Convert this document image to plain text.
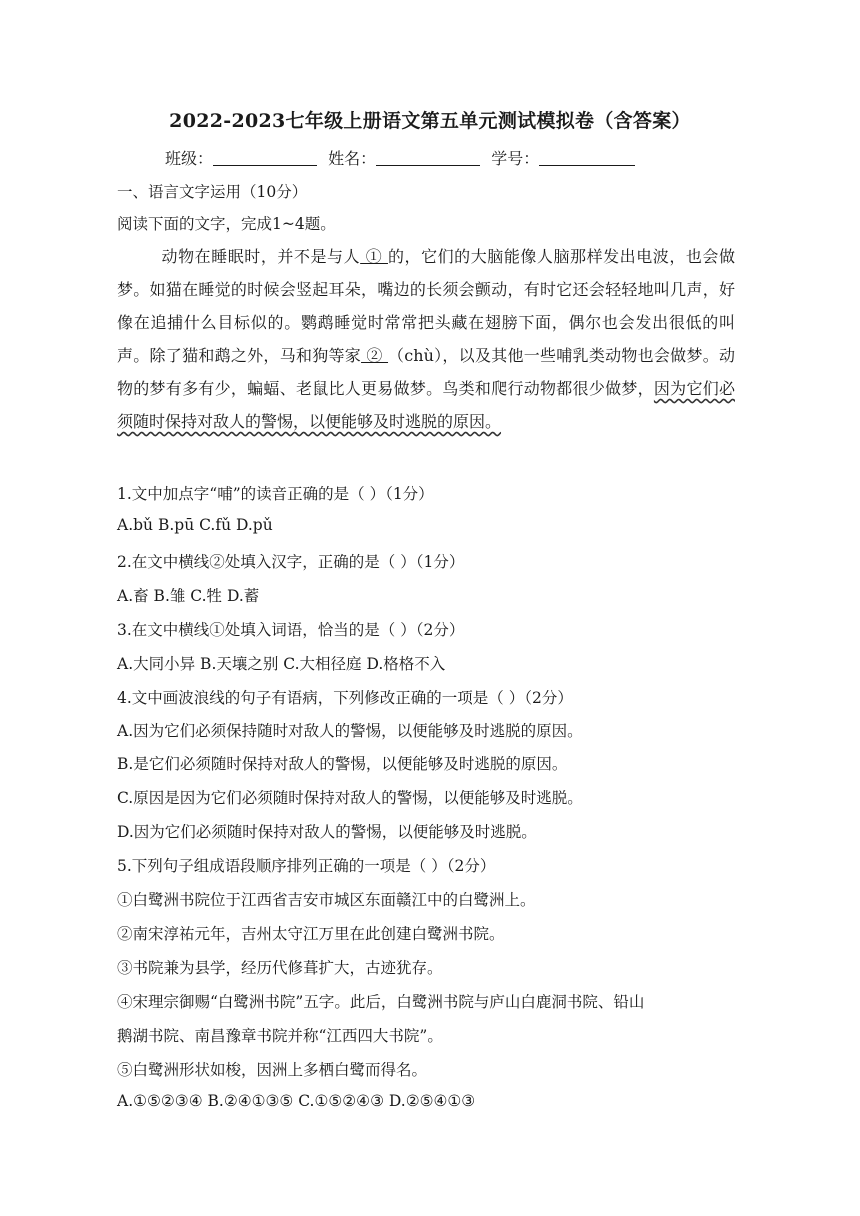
2022-2023七年级上册语文第五单元测试模拟卷（含答案）
班级：	姓名：	学号：
一、语言文字运用（10分）
阅读下面的文字，完成1~4题。
动物在睡眠时，并不是与人 ① 的，它们的大脑能像人脑那样发出电波，也会做梦。如猫在睡觉的时候会竖起耳朵，嘴边的长须会颤动，有时它还会轻轻地叫几声，好像在追捕什么目标似的。鹦鹉睡觉时常常把头藏在翅膀下面，偶尔也会发出很低的叫声。除了猫和鹉之外，马和狗等家 ② （chù），以及其他一些哺乳类动物也会做梦。动物的梦有多有少，蝙蝠、老鼠比人更易做梦。鸟类和爬行动物都很少做梦，因为它们必须随时保持对敌人的警惕，以便能够及时逃脱的原因。
1.文中加点字“哺”的读音正确的是（ ）（1分）
A.bǔ B.pū C.fǔ D.pǔ
2.在文中横线②处填入汉字，正确的是（ ）（1分）
A.畜 B.雏 C.牲 D.蓄
3.在文中横线①处填入词语，恰当的是（ ）（2分）
A.大同小异 B.天壤之别 C.大相径庭 D.格格不入
4.文中画波浪线的句子有语病，下列修改正确的一项是（ ）（2分）
A.因为它们必须保持随时对敌人的警惕，以便能够及时逃脱的原因。
B.是它们必须随时保持对敌人的警惕，以便能够及时逃脱的原因。
C.原因是因为它们必须随时保持对敌人的警惕，以便能够及时逃脱。
D.因为它们必须随时保持对敌人的警惕，以便能够及时逃脱。
5.下列句子组成语段顺序排列正确的一项是（ ）（2分）
①白鹭洲书院位于江西省吉安市城区东面赣江中的白鹭洲上。
②南宋淳祐元年，吉州太守江万里在此创建白鹭洲书院。
③书院兼为县学，经历代修葺扩大，古迹犹存。
④宋理宗御赐“白鹭洲书院”五字。此后，白鹭洲书院与庐山白鹿洞书院、铅山
鹅湖书院、南昌豫章书院并称“江西四大书院”。
⑤白鹭洲形状如梭，因洲上多栖白鹭而得名。
A.①⑤②③④ B.②④①③⑤ C.①⑤②④③ D.②⑤④①③
